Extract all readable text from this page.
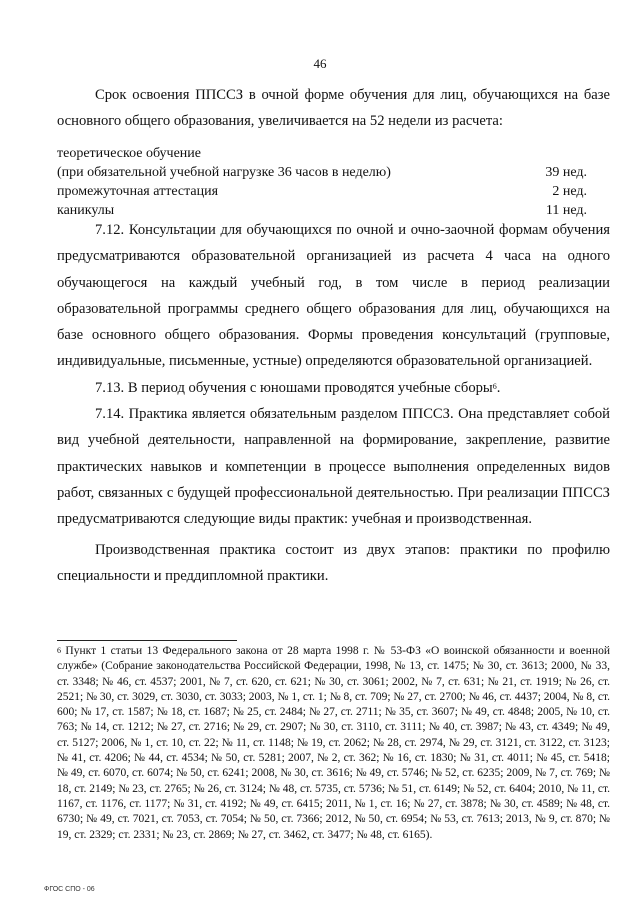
46

Срок освоения ППССЗ в очной форме обучения для лиц, обучающихся на базе основного общего образования, увеличивается на 52 недели из расчета:

теоретическое обучение
(при обязательной учебной нагрузке 36 часов в неделю)	39 нед.
промежуточная аттестация	2 нед.
каникулы	11 нед.

7.12. Консультации для обучающихся по очной и очно-заочной формам обучения предусматриваются образовательной организацией из расчета 4 часа на одного обучающегося на каждый учебный год, в том числе в период реализации образовательной программы среднего общего образования для лиц, обучающихся на базе основного общего образования. Формы проведения консультаций (групповые, индивидуальные, письменные, устные) определяются образовательной организацией.

7.13. В период обучения с юношами проводятся учебные сборы$^6$.

7.14. Практика является обязательным разделом ППССЗ. Она представляет собой вид учебной деятельности, направленной на формирование, закрепление, развитие практических навыков и компетенции в процессе выполнения определенных видов работ, связанных с будущей профессиональной деятельностью. При реализации ППССЗ предусматриваются следующие виды практик: учебная и производственная.

Производственная практика состоит из двух этапов: практики по профилю специальности и преддипломной практики.

$^6$ Пункт 1 статьи 13 Федерального закона от 28 марта 1998 г. № 53-ФЗ «О воинской обязанности и военной службе» (Собрание законодательства Российской Федерации, 1998, № 13, ст. 1475; № 30, ст. 3613; 2000, № 33, ст. 3348; № 46, ст. 4537; 2001, № 7, ст. 620, ст. 621; № 30, ст. 3061; 2002, № 7, ст. 631; № 21, ст. 1919; № 26, ст. 2521; № 30, ст. 3029, ст. 3030, ст. 3033; 2003, № 1, ст. 1; № 8, ст. 709; № 27, ст. 2700; № 46, ст. 4437; 2004, № 8, ст. 600; № 17, ст. 1587; № 18, ст. 1687; № 25, ст. 2484; № 27, ст. 2711; № 35, ст. 3607; № 49, ст. 4848; 2005, № 10, ст. 763; № 14, ст. 1212; № 27, ст. 2716; № 29, ст. 2907; № 30, ст. 3110, ст. 3111; № 40, ст. 3987; № 43, ст. 4349; № 49, ст. 5127; 2006, № 1, ст. 10, ст. 22; № 11, ст. 1148; № 19, ст. 2062; № 28, ст. 2974, № 29, ст. 3121, ст. 3122, ст. 3123; № 41, ст. 4206; № 44, ст. 4534; № 50, ст. 5281; 2007, № 2, ст. 362; № 16, ст. 1830; № 31, ст. 4011; № 45, ст. 5418; № 49, ст. 6070, ст. 6074; № 50, ст. 6241; 2008, № 30, ст. 3616; № 49, ст. 5746; № 52, ст. 6235; 2009, № 7, ст. 769; № 18, ст. 2149; № 23, ст. 2765; № 26, ст. 3124; № 48, ст. 5735, ст. 5736; № 51, ст. 6149; № 52, ст. 6404; 2010, № 11, ст. 1167, ст. 1176, ст. 1177; № 31, ст. 4192; № 49, ст. 6415; 2011, № 1, ст. 16; № 27, ст. 3878; № 30, ст. 4589; № 48, ст. 6730; № 49, ст. 7021, ст. 7053, ст. 7054; № 50, ст. 7366; 2012, № 50, ст. 6954; № 53, ст. 7613; 2013, № 9, ст. 870; № 19, ст. 2329; ст. 2331; № 23, ст. 2869; № 27, ст. 3462, ст. 3477; № 48, ст. 6165).

ФГОС СПО - 06
